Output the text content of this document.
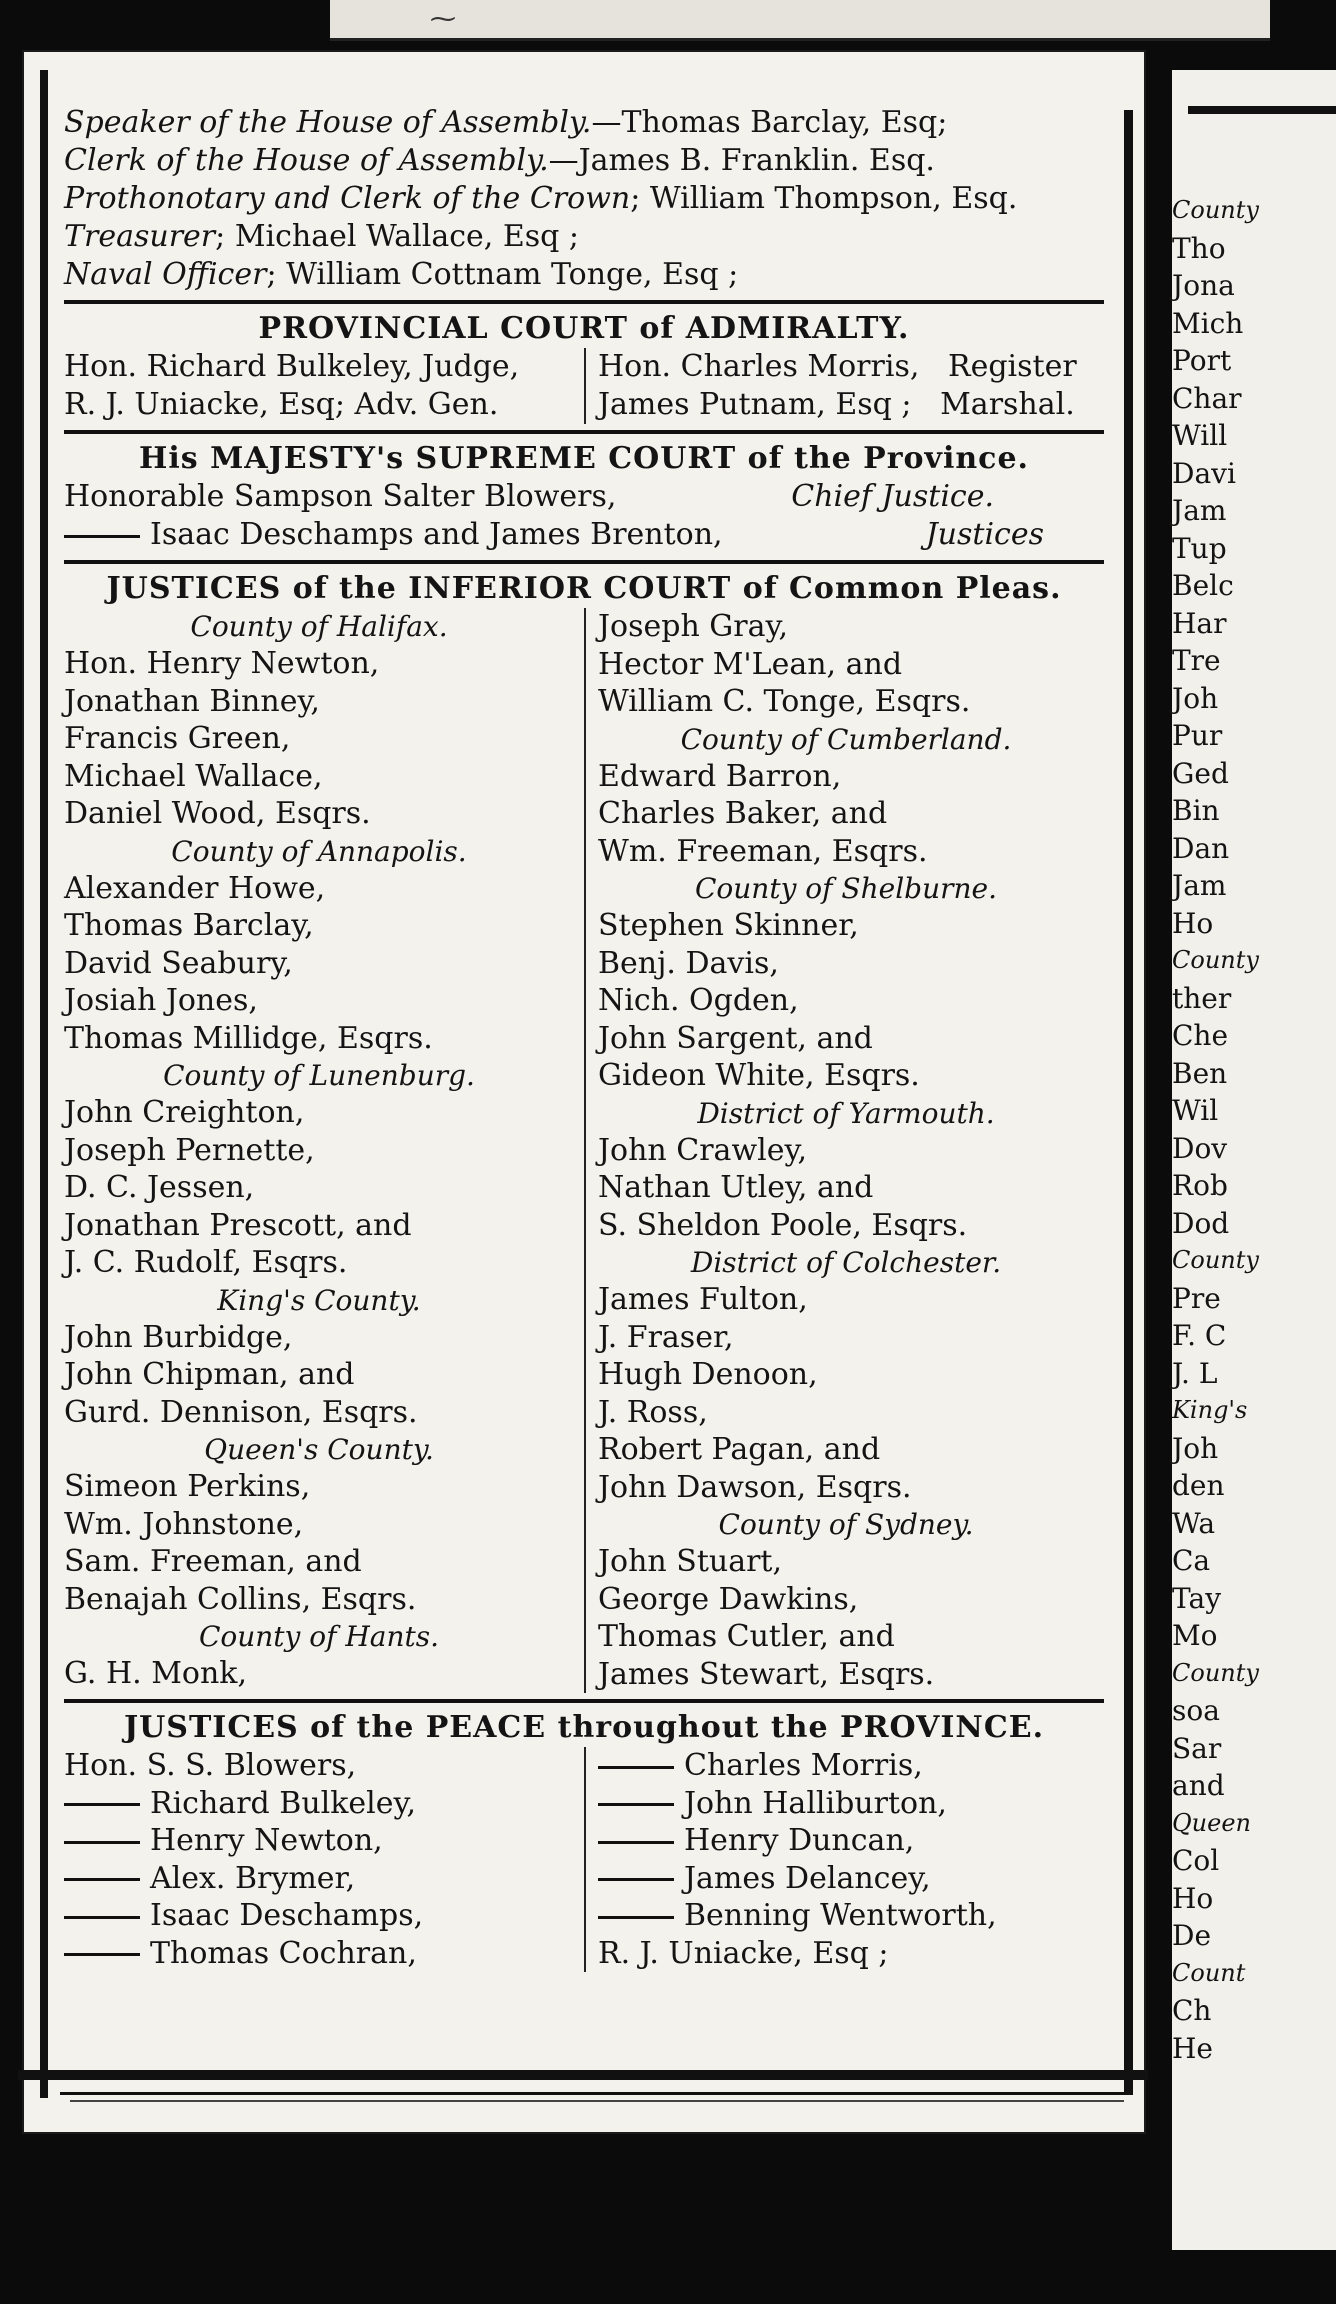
⁓
Speaker of the House of Assembly.—Thomas Barclay, Esq;
Clerk of the House of Assembly.—James B. Franklin. Esq.
Prothonotary and Clerk of the Crown; William Thompson, Esq.
Treasurer; Michael Wallace, Esq ;
Naval Officer; William Cottnam Tonge, Esq ;
PROVINCIAL COURT of ADMIRALTY.
Hon. Richard Bulkeley, Judge,
R. J. Uniacke, Esq; Adv. Gen.
Hon. Charles Morris,   Register
James Putnam, Esq ;   Marshal.
His MAJESTY's SUPREME COURT of the Province.
Honorable Sampson Salter Blowers,	Chief Justice.
Isaac Deschamps and James Brenton,	Justices
JUSTICES of the INFERIOR COURT of Common Pleas.
County of Halifax.
Hon. Henry Newton,
Jonathan Binney,
Francis Green,
Michael Wallace,
Daniel Wood, Esqrs.
County of Annapolis.
Alexander Howe,
Thomas Barclay,
David Seabury,
Josiah Jones,
Thomas Millidge, Esqrs.
County of Lunenburg.
John Creighton,
Joseph Pernette,
D. C. Jessen,
Jonathan Prescott, and
J. C. Rudolf, Esqrs.
King's County.
John Burbidge,
John Chipman, and
Gurd. Dennison, Esqrs.
Queen's County.
Simeon Perkins,
Wm. Johnstone,
Sam. Freeman, and
Benajah Collins, Esqrs.
County of Hants.
G. H. Monk,
Joseph Gray,
Hector M'Lean, and
William C. Tonge, Esqrs.
County of Cumberland.
Edward Barron,
Charles Baker, and
Wm. Freeman, Esqrs.
County of Shelburne.
Stephen Skinner,
Benj. Davis,
Nich. Ogden,
John Sargent, and
Gideon White, Esqrs.
District of Yarmouth.
John Crawley,
Nathan Utley, and
S. Sheldon Poole, Esqrs.
District of Colchester.
James Fulton,
J. Fraser,
Hugh Denoon,
J. Ross,
Robert Pagan, and
John Dawson, Esqrs.
County of Sydney.
John Stuart,
George Dawkins,
Thomas Cutler, and
James Stewart, Esqrs.
JUSTICES of the PEACE throughout the PROVINCE.
Hon. S. S. Blowers,
Richard Bulkeley,
Henry Newton,
Alex. Brymer,
Isaac Deschamps,
Thomas Cochran,
Charles Morris,
John Halliburton,
Henry Duncan,
James Delancey,
Benning Wentworth,
R. J. Uniacke, Esq ;
County
Tho
Jona
Mich
Port
Char
Will
Davi
Jam
Tup
Belc
Har
Tre
Joh
Pur
Ged
Bin
Dan
Jam
Ho
County
ther
Che
Ben
Wil
Dov
Rob
Dod
County
Pre
F. C
J. L
King's
Joh
den
Wa
Ca
Tay
Mo
County
soa
Sar
and
Queen
Col
Ho
De
Count
Ch
He
